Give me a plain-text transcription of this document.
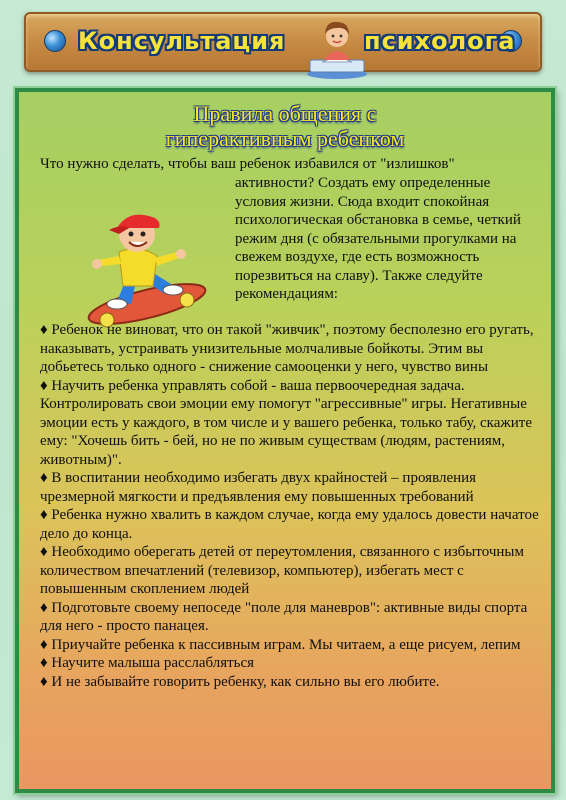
Консультация	психолога
Правила общения с
гиперактивным ребенком
Что нужно сделать, чтобы ваш ребенок избавился от "излишков"
активности? Создать ему определенные условия жизни. Сюда входит спокойная психологическая обстановка в семье, четкий режим дня (с обязательными прогулками на свежем воздухе, где есть возможность порезвиться на славу). Также следуйте рекомендациям:
♦ Ребенок не виноват, что он такой "живчик", поэтому бесполезно его ругать, наказывать, устраивать унизительные молчаливые бойкоты. Этим вы добьетесь только одного - снижение самооценки у него, чувство вины
♦ Научить ребенка управлять собой - ваша первоочередная задача. Контролировать свои эмоции ему помогут "агрессивные" игры. Негативные эмоции есть у каждого, в том числе и у вашего ребенка, только табу, скажите ему: "Хочешь бить - бей, но не по живым существам (людям, растениям, животным)".
♦ В воспитании необходимо избегать двух крайностей – проявления чрезмерной мягкости и предъявления ему повышенных требований
♦ Ребенка нужно хвалить в каждом случае, когда ему удалось довести начатое дело до конца.
♦ Необходимо оберегать детей от переутомления, связанного с избыточным количеством впечатлений (телевизор, компьютер), избегать мест с повышенным скоплением людей
♦ Подготовьте своему непоседе "поле для маневров": активные виды спорта для него - просто панацея.
♦ Приучайте ребенка к пассивным играм. Мы читаем, а еще рисуем, лепим
♦ Научите малыша расслабляться
♦ И не забывайте говорить ребенку, как сильно вы его любите.
